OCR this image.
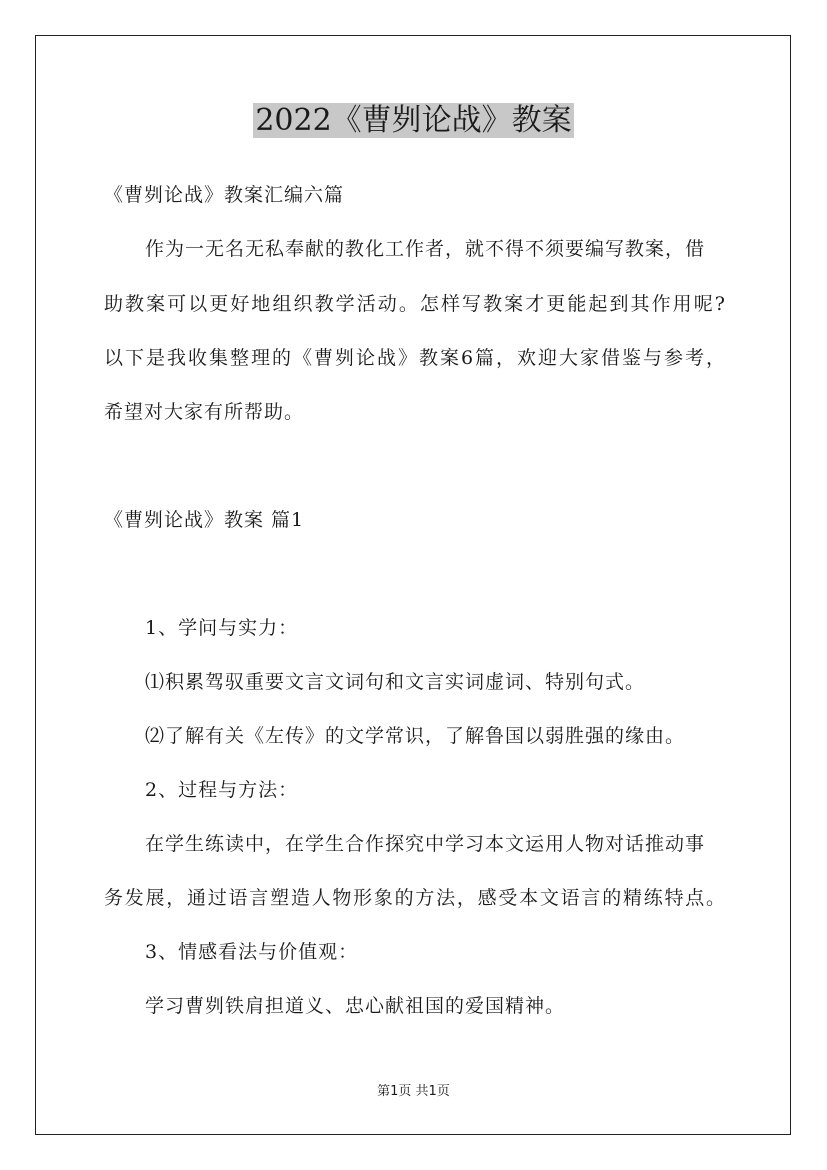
2022《曹刿论战》教案
《曹刿论战》教案汇编六篇
作为一无名无私奉献的教化工作者，就不得不须要编写教案，借
助教案可以更好地组织教学活动。怎样写教案才更能起到其作用呢?
以下是我收集整理的《曹刿论战》教案6篇，欢迎大家借鉴与参考，
希望对大家有所帮助。
《曹刿论战》教案 篇1
1、学问与实力：
⑴积累驾驭重要文言文词句和文言实词虚词、特别句式。
⑵了解有关《左传》的文学常识，了解鲁国以弱胜强的缘由。
2、过程与方法：
在学生练读中，在学生合作探究中学习本文运用人物对话推动事
务发展，通过语言塑造人物形象的方法，感受本文语言的精练特点。
3、情感看法与价值观：
学习曹刿铁肩担道义、忠心献祖国的爱国精神。
第1页 共1页
